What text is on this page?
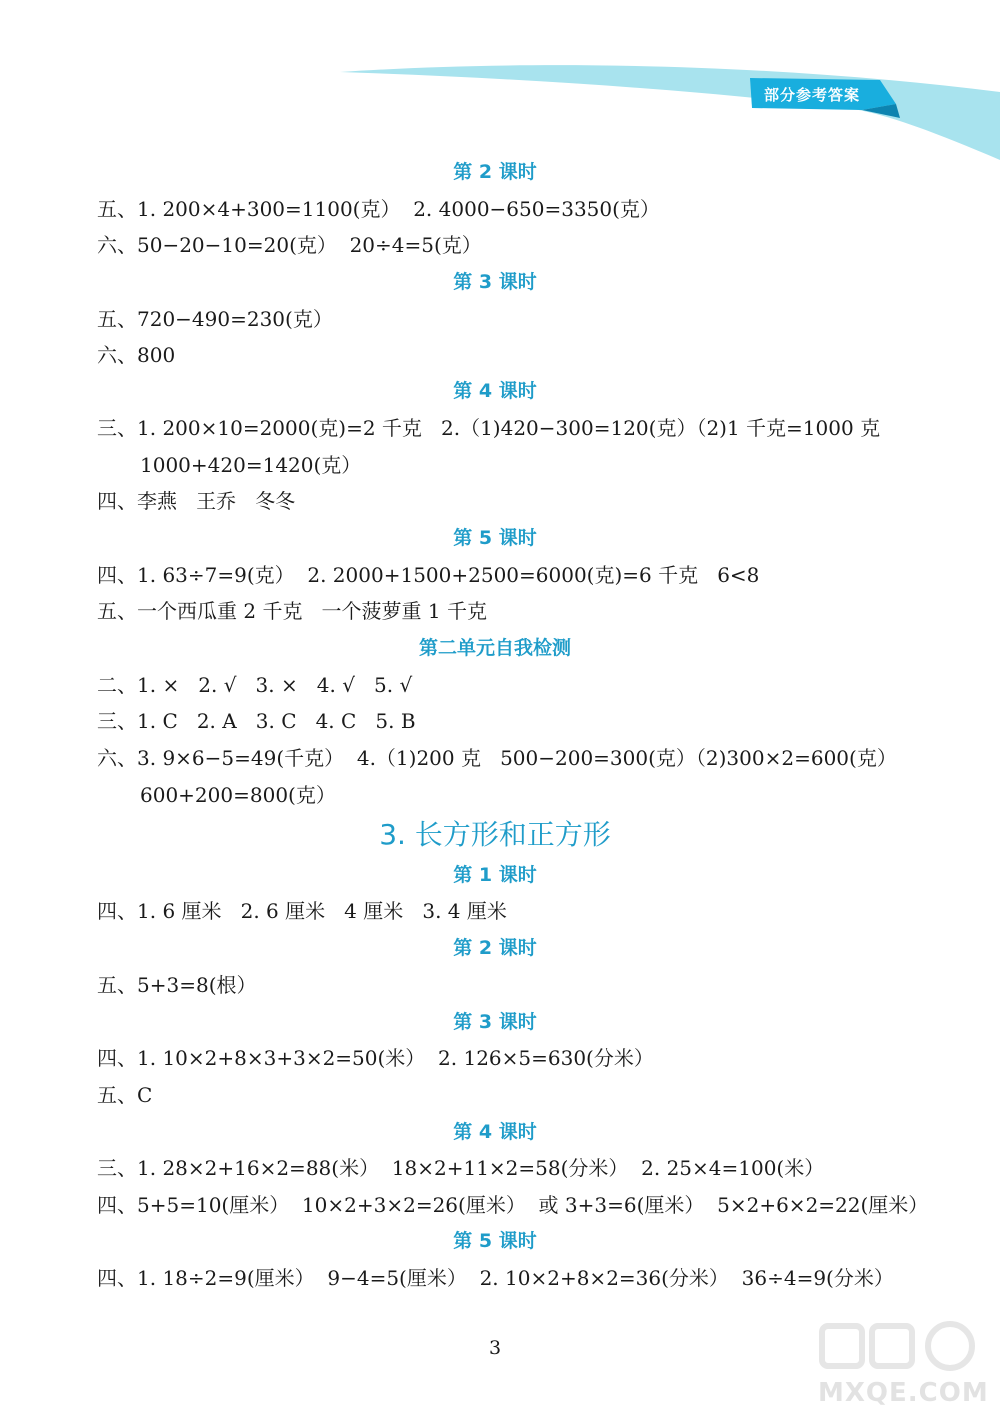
部分参考答案
第 2 课时
五、1. 200×4+300=1100(克）  2. 4000−650=3350(克）
六、50−20−10=20(克）  20÷4=5(克）
第 3 课时
五、720−490=230(克）
六、800
第 4 课时
三、1. 200×10=2000(克)=2 千克   2.（1)420−300=120(克）（2)1 千克=1000 克
1000+420=1420(克）
四、李燕   王乔   冬冬
第 5 课时
四、1. 63÷7=9(克）  2. 2000+1500+2500=6000(克)=6 千克   6<8
五、一个西瓜重 2 千克   一个菠萝重 1 千克
第二单元自我检测
二、1. ×   2. √   3. ×   4. √   5. √
三、1. C   2. A   3. C   4. C   5. B
六、3. 9×6−5=49(千克）  4.（1)200 克   500−200=300(克）（2)300×2=600(克）
600+200=800(克）
3. 长方形和正方形
第 1 课时
四、1. 6 厘米   2. 6 厘米   4 厘米   3. 4 厘米
第 2 课时
五、5+3=8(根）
第 3 课时
四、1. 10×2+8×3+3×2=50(米）  2. 126×5=630(分米）
五、C
第 4 课时
三、1. 28×2+16×2=88(米）  18×2+11×2=58(分米）  2. 25×4=100(米）
四、5+5=10(厘米）  10×2+3×2=26(厘米）  或 3+3=6(厘米）  5×2+6×2=22(厘米）
第 5 课时
四、1. 18÷2=9(厘米）  9−4=5(厘米）  2. 10×2+8×2=36(分米）  36÷4=9(分米）
3
MXQE.COM
